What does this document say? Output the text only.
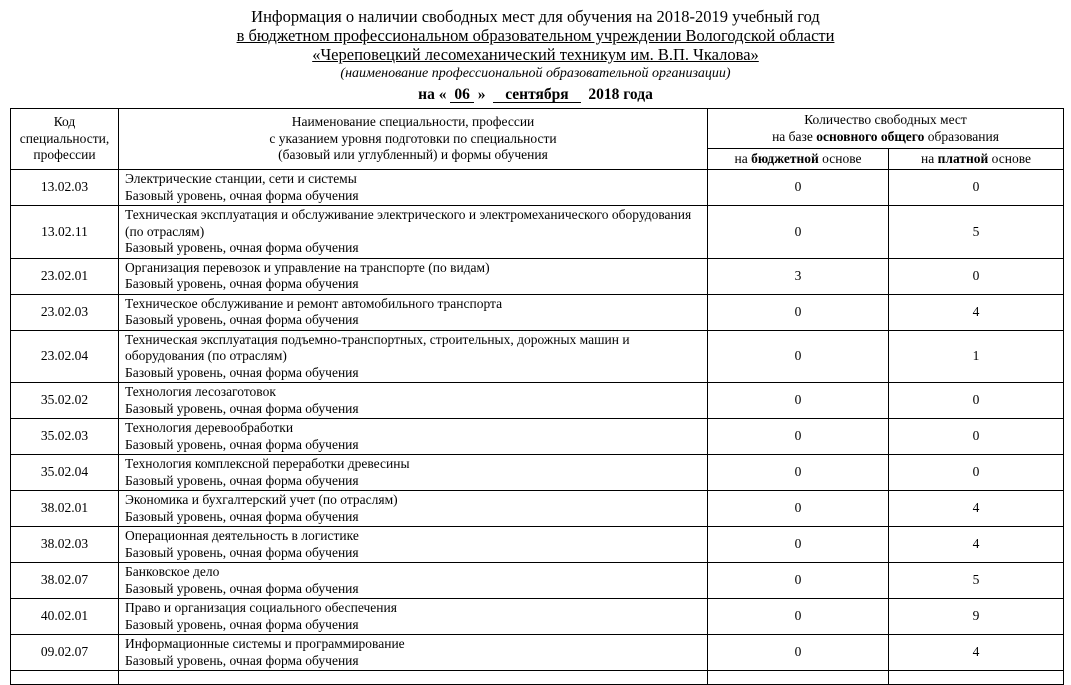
Информация о наличии свободных мест для обучения на 2018-2019 учебный год
в бюджетном профессиональном образовательном учреждении Вологодской области
«Череповецкий лесомеханический техникум им. В.П. Чкалова»
(наименование профессиональной образовательной организации)
на « 06 » сентября 2018 года
Код специальности, профессии	
Наименование специальности, профессии
с указанием уровня подготовки по специальности
(базовый или углубленный) и формы обучения

Количество свободных мест
на базе основного общего образования

		на бюджетной основе	на платной основе
13.02.03	Электрические станции, сети и системы
Базовый уровень, очная форма обучения	0	0
13.02.11	Техническая эксплуатация и обслуживание электрического и электромеханического оборудования (по отраслям)
Базовый уровень, очная форма обучения	0	5
23.02.01	Организация перевозок и управление на транспорте (по видам)
Базовый уровень, очная форма обучения	3	0
23.02.03	Техническое обслуживание и ремонт автомобильного транспорта
Базовый уровень, очная форма обучения	0	4
23.02.04	Техническая эксплуатация подъемно-транспортных, строительных, дорожных машин и оборудования (по отраслям)
Базовый уровень, очная форма обучения	0	1
35.02.02	Технология лесозаготовок
Базовый уровень, очная форма обучения	0	0
35.02.03	Технология деревообработки
Базовый уровень, очная форма обучения	0	0
35.02.04	Технология комплексной переработки древесины
Базовый уровень, очная форма обучения	0	0
38.02.01	Экономика и бухгалтерский учет (по отраслям)
Базовый уровень, очная форма обучения	0	4
38.02.03	Операционная деятельность в логистике
Базовый уровень, очная форма обучения	0	4
38.02.07	Банковское дело
Базовый уровень, очная форма обучения	0	5
40.02.01	Право и организация социального обеспечения
Базовый уровень, очная форма обучения	0	9
09.02.07	Информационные системы и программирование
Базовый уровень, очная форма обучения	0	4
